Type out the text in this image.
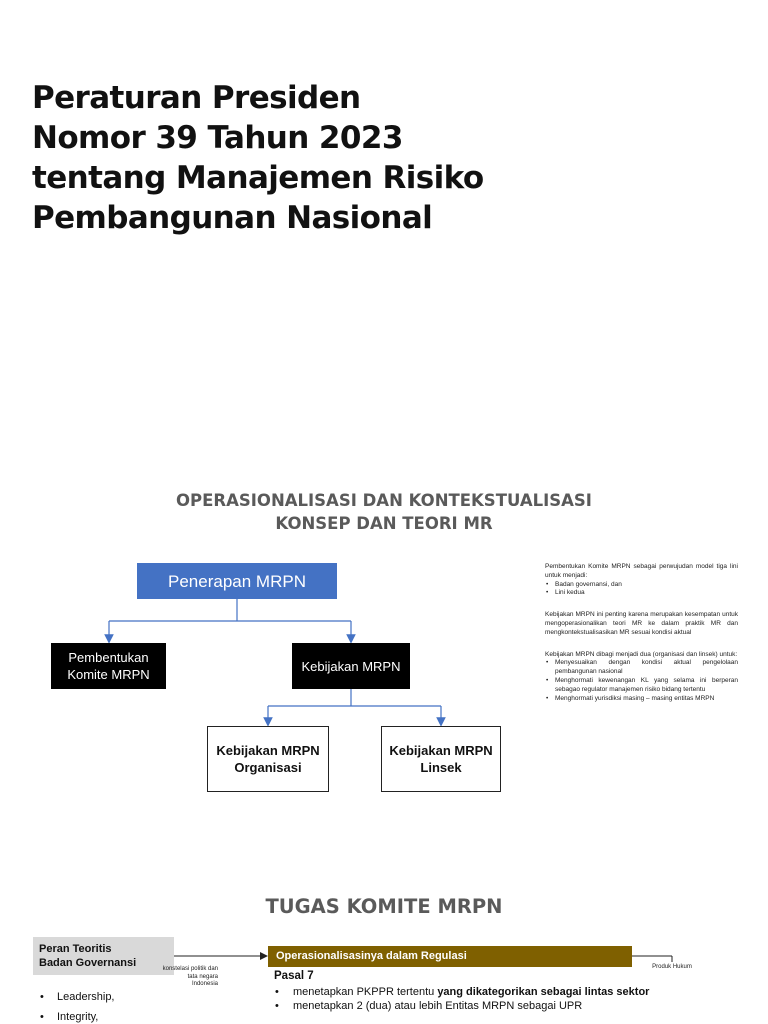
Peraturan Presiden
Nomor 39 Tahun 2023
tentang Manajemen Risiko
Pembangunan Nasional
OPERASIONALISASI DAN KONTEKSTUALISASI
KONSEP DAN TEORI MR
Penerapan MRPN
Pembentukan Komite MRPN
Kebijakan MRPN
Kebijakan MRPN Organisasi
Kebijakan MRPN Linsek

Pembentukan Komite MRPN sebagai perwujudan model tiga lini untuk menjadi:

• Badan governansi, dan
• Lini kedua

Kebijakan MRPN ini penting karena merupakan kesempatan untuk mengoperasionalikan teori MR ke dalam praktik MR dan mengkontekstualisasikan MR sesuai kondisi aktual

Kebijakan MRPN dibagi menjadi dua (organisasi dan linsek) untuk:

• Menyesuaikan dengan kondisi aktual pengelolaan pembangunan nasional
• Menghormati kewenangan KL yang selama ini berperan sebagao regulator manajemen risiko bidang tertentu
• Menghormati yurisdiksi masing – masing entitas MRPN
TUGAS KOMITE MRPN
Peran Teoritis
Badan Governansi	konstelasi politik dan tata negara Indonesia
Operasionalisasinya dalam Regulasi
Produk Hukum
Pasal 7
• menetapkan PKPPR tertentu yang dikategorikan sebagai lintas sektor
• menetapkan 2 (dua) atau lebih Entitas MRPN sebagai UPR
• Leadership,
• Integrity,
